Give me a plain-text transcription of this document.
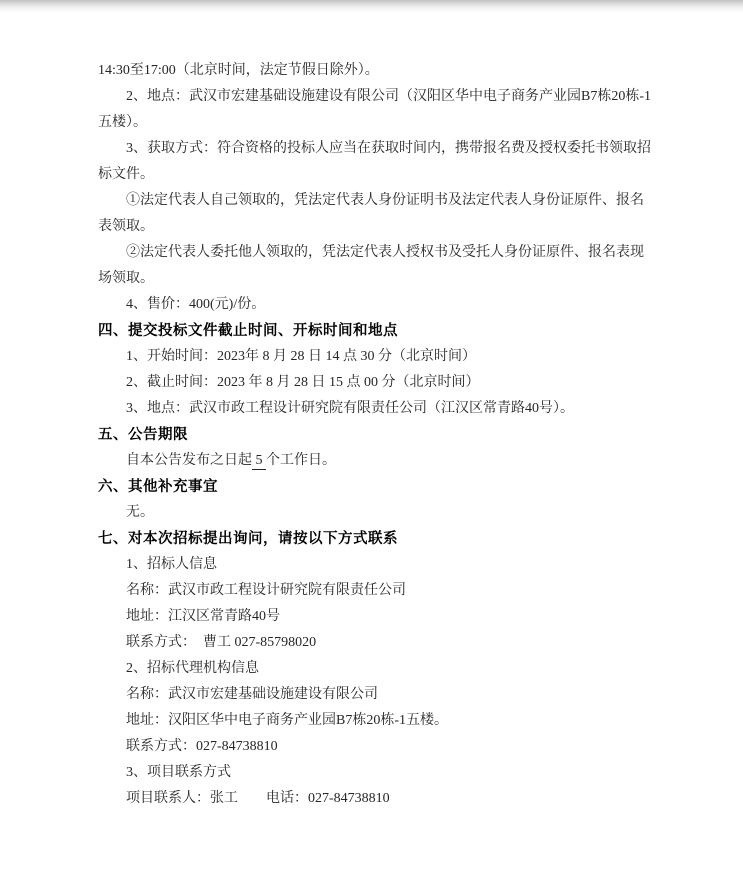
14:30至17:00（北京时间，法定节假日除外）。
2、地点：武汉市宏建基础设施建设有限公司（汉阳区华中电子商务产业园B7栋20栋-1
五楼）。
3、获取方式：符合资格的投标人应当在获取时间内，携带报名费及授权委托书领取招
标文件。
①法定代表人自己领取的，凭法定代表人身份证明书及法定代表人身份证原件、报名
表领取。
②法定代表人委托他人领取的，凭法定代表人授权书及受托人身份证原件、报名表现
场领取。
4、售价：400(元)/份。
四、提交投标文件截止时间、开标时间和地点
1、开始时间：2023年 8 月 28 日 14 点 30 分（北京时间）
2、截止时间：2023 年 8 月 28 日 15 点 00 分（北京时间）
3、地点：武汉市政工程设计研究院有限责任公司（江汉区常青路40号）。
五、公告期限
自本公告发布之日起 5 个工作日。
六、其他补充事宜
无。
七、对本次招标提出询问，请按以下方式联系
1、招标人信息
名称：武汉市政工程设计研究院有限责任公司
地址：江汉区常青路40号
联系方式：　曹工 027-85798020
2、招标代理机构信息
名称：武汉市宏建基础设施建设有限公司
地址：汉阳区华中电子商务产业园B7栋20栋-1五楼。
联系方式：027-84738810
3、项目联系方式
项目联系人：张工　　电话：027-84738810
